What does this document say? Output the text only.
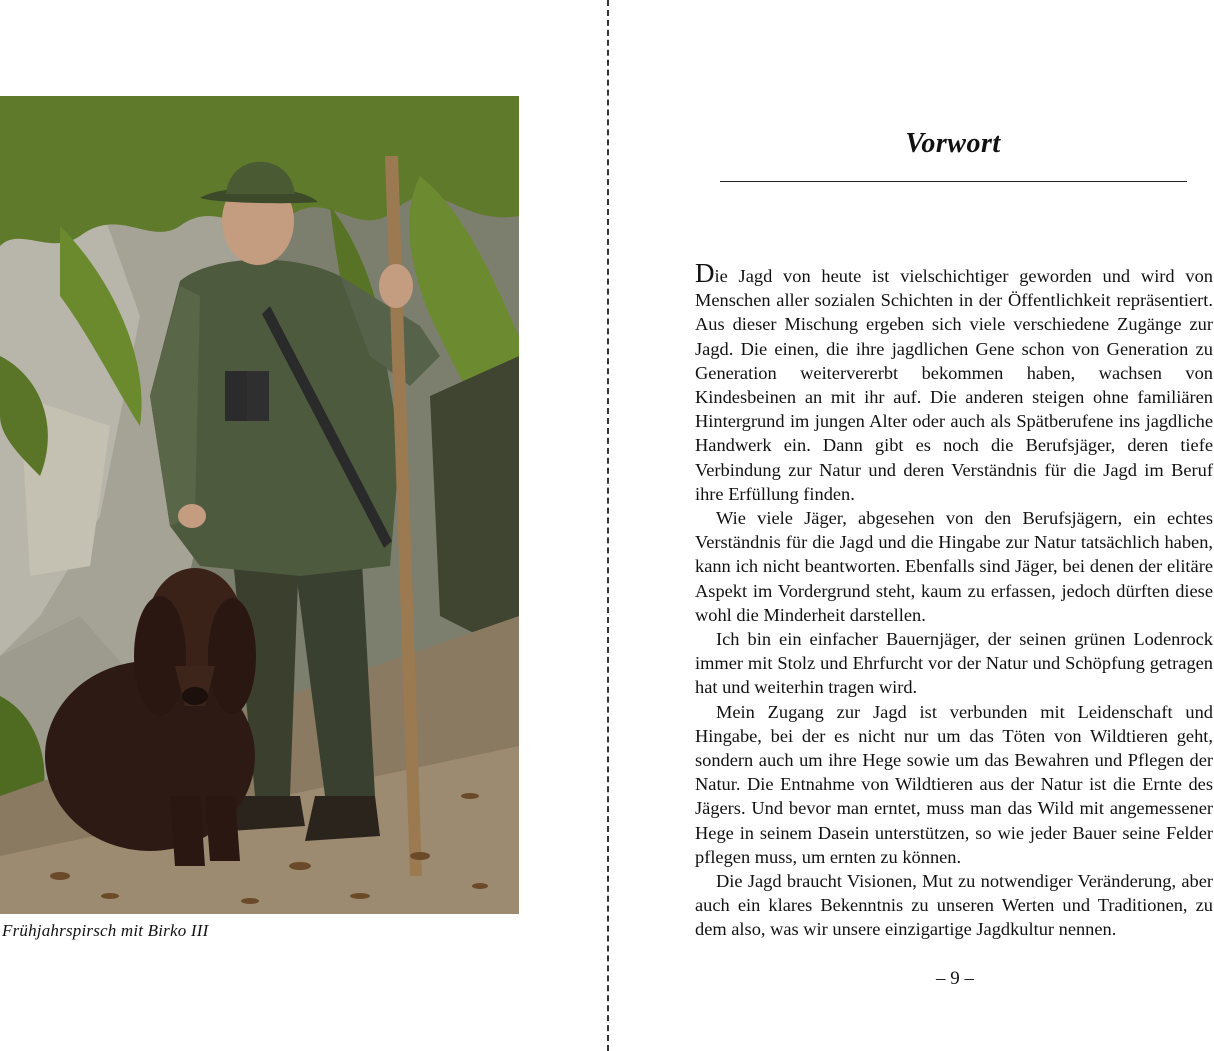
Frühjahrspirsch mit Birko III
Vorwort

Die Jagd von heute ist vielschichtiger geworden und wird von Menschen aller sozialen Schichten in der Öffentlichkeit repräsentiert. Aus dieser Mischung ergeben sich viele verschiedene Zugänge zur Jagd. Die einen, die ihre jagdlichen Gene schon von Generation zu Generation weitervererbt bekommen haben, wachsen von Kindesbeinen an mit ihr auf. Die anderen steigen ohne familiären Hintergrund im jungen Alter oder auch als Spätberufene ins jagdliche Handwerk ein. Dann gibt es noch die Berufsjäger, deren tiefe Verbindung zur Natur und deren Verständnis für die Jagd im Beruf ihre Erfüllung finden.

Wie viele Jäger, abgesehen von den Berufsjägern, ein echtes Verständnis für die Jagd und die Hingabe zur Natur tatsächlich haben, kann ich nicht beantworten. Ebenfalls sind Jäger, bei denen der elitäre Aspekt im Vordergrund steht, kaum zu erfassen, jedoch dürften diese wohl die Minderheit darstellen.

Ich bin ein einfacher Bauernjäger, der seinen grünen Lodenrock immer mit Stolz und Ehrfurcht vor der Natur und Schöpfung getragen hat und weiterhin tragen wird.

Mein Zugang zur Jagd ist verbunden mit Leidenschaft und Hingabe, bei der es nicht nur um das Töten von Wildtieren geht, sondern auch um ihre Hege sowie um das Bewahren und Pflegen der Natur. Die Entnahme von Wildtieren aus der Natur ist die Ernte des Jägers. Und bevor man erntet, muss man das Wild mit angemessener Hege in seinem Dasein unterstützen, so wie jeder Bauer seine Felder pflegen muss, um ernten zu können.

Die Jagd braucht Visionen, Mut zu notwendiger Veränderung, aber auch ein klares Bekenntnis zu unseren Werten und Traditionen, zu dem also, was wir unsere einzigartige Jagdkultur nennen.

– 9 –
